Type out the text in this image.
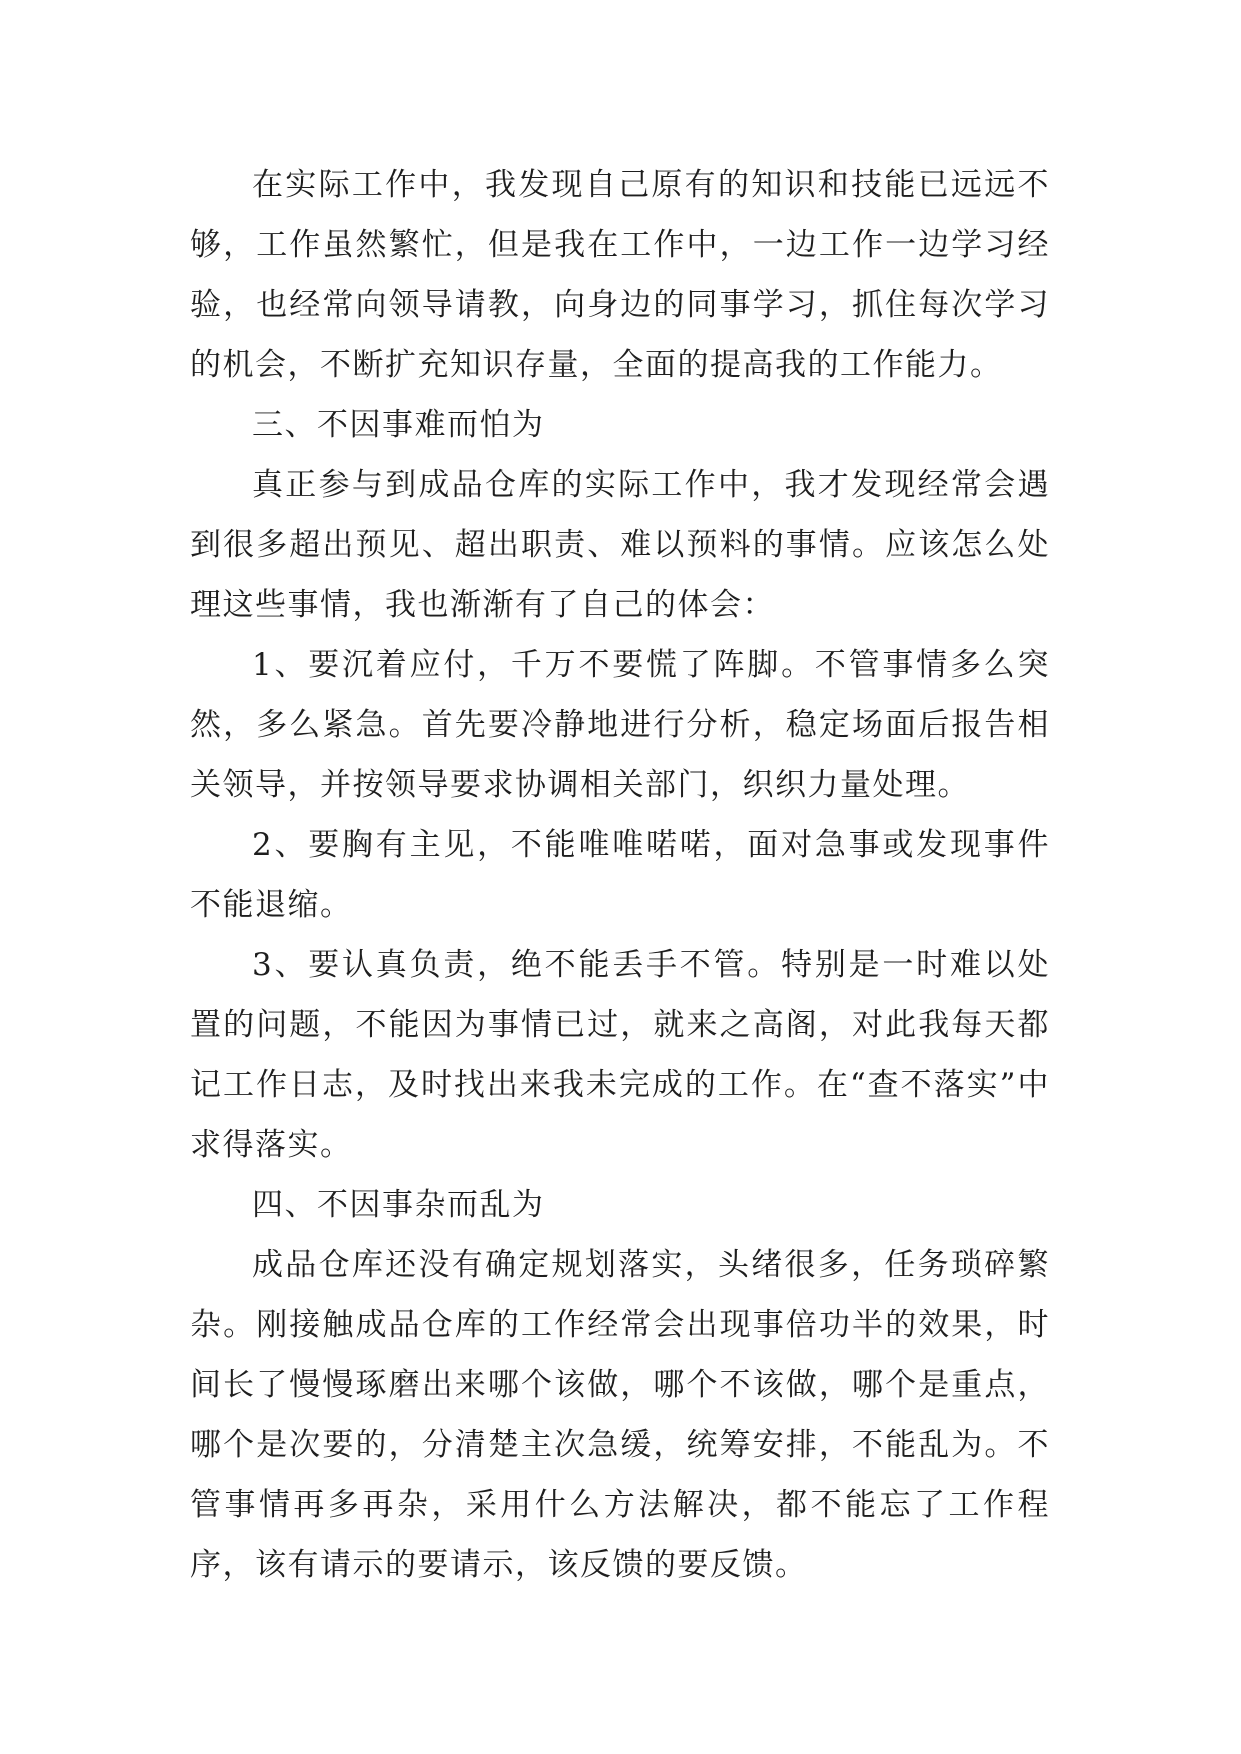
在实际工作中，我发现自己原有的知识和技能已远远不够，工作虽然繁忙，但是我在工作中，一边工作一边学习经验，也经常向领导请教，向身边的同事学习，抓住每次学习的机会，不断扩充知识存量，全面的提高我的工作能力。

三、不因事难而怕为

真正参与到成品仓库的实际工作中，我才发现经常会遇到很多超出预见、超出职责、难以预料的事情。应该怎么处理这些事情，我也渐渐有了自己的体会：

1、要沉着应付，千万不要慌了阵脚。不管事情多么突然，多么紧急。首先要冷静地进行分析，稳定场面后报告相关领导，并按领导要求协调相关部门，织织力量处理。

2、要胸有主见，不能唯唯喏喏，面对急事或发现事件不能退缩。

3、要认真负责，绝不能丢手不管。特别是一时难以处置的问题，不能因为事情已过，就来之高阁，对此我每天都记工作日志，及时找出来我未完成的工作。在“查不落实”中求得落实。

四、不因事杂而乱为

成品仓库还没有确定规划落实，头绪很多，任务琐碎繁杂。刚接触成品仓库的工作经常会出现事倍功半的效果，时间长了慢慢琢磨出来哪个该做，哪个不该做，哪个是重点，哪个是次要的，分清楚主次急缓，统筹安排，不能乱为。不管事情再多再杂，采用什么方法解决，都不能忘了工作程序，该有请示的要请示，该反馈的要反馈。
